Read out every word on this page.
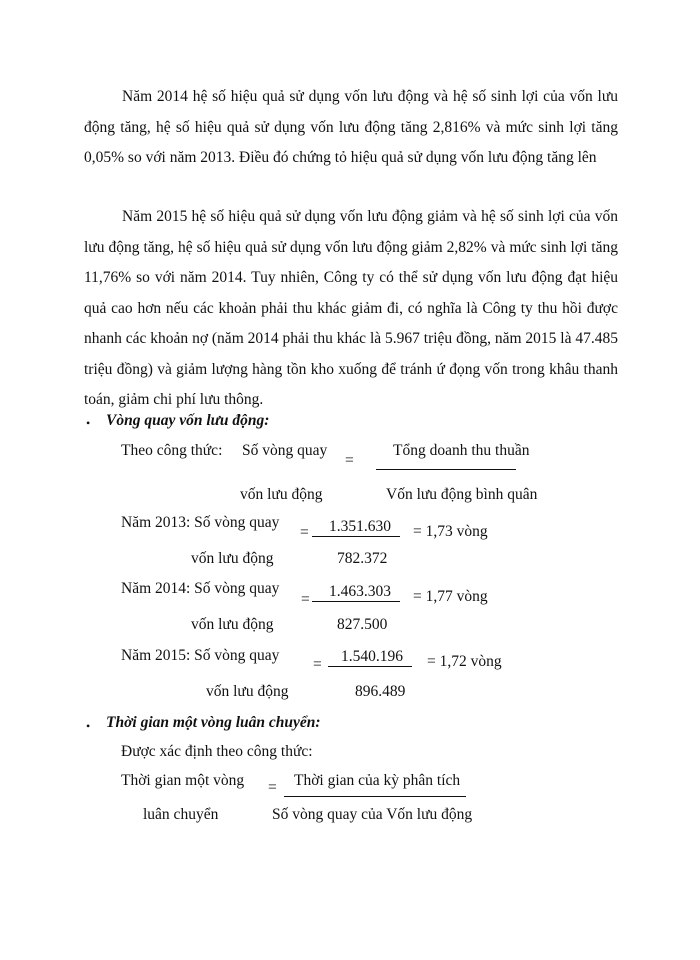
Năm 2014 hệ số hiệu quả sử dụng vốn lưu động và hệ số sinh lợi của vốn lưu động tăng, hệ số hiệu quả sử dụng vốn lưu động tăng 2,816% và mức sinh lợi tăng 0,05% so với năm 2013. Điều đó chứng tỏ hiệu quả sử dụng vốn lưu động tăng lên

Năm 2015 hệ số hiệu quả sử dụng vốn lưu động giảm và hệ số sinh lợi của vốn lưu động tăng, hệ số hiệu quả sử dụng vốn lưu động giảm 2,82% và mức sinh lợi tăng 11,76% so với năm 2014. Tuy nhiên, Công ty có thể sử dụng vốn lưu động đạt hiệu quả cao hơn nếu các khoản phải thu khác giảm đi, có nghĩa là Công ty thu hồi được nhanh các khoản nợ (năm 2014 phải thu khác là 5.967 triệu đồng, năm 2015 là 47.485 triệu đồng) và giảm lượng hàng tồn kho xuống để tránh ứ đọng vốn trong khâu thanh toán, giảm chi phí lưu thông.

• Vòng quay vốn lưu động:
Theo công thức: Số vòng quay
=
Tổng doanh thu thuần
vốn lưu động	Vốn lưu động bình quân
Năm 2013: Số vòng quay	1.351.630
=	= 1,73 vòng
vốn lưu động	782.372
Năm 2014: Số vòng quay	1.463.303
=	= 1,77 vòng
vốn lưu động	827.500
Năm 2015: Số vòng quay	1.540.196
=	= 1,72 vòng
vốn lưu động	896.489
• Thời gian một vòng luân chuyển:
Được xác định theo công thức:
Thời gian một vòng = Thời gian của kỳ phân tích
luân chuyển	Số vòng quay của Vốn lưu động
